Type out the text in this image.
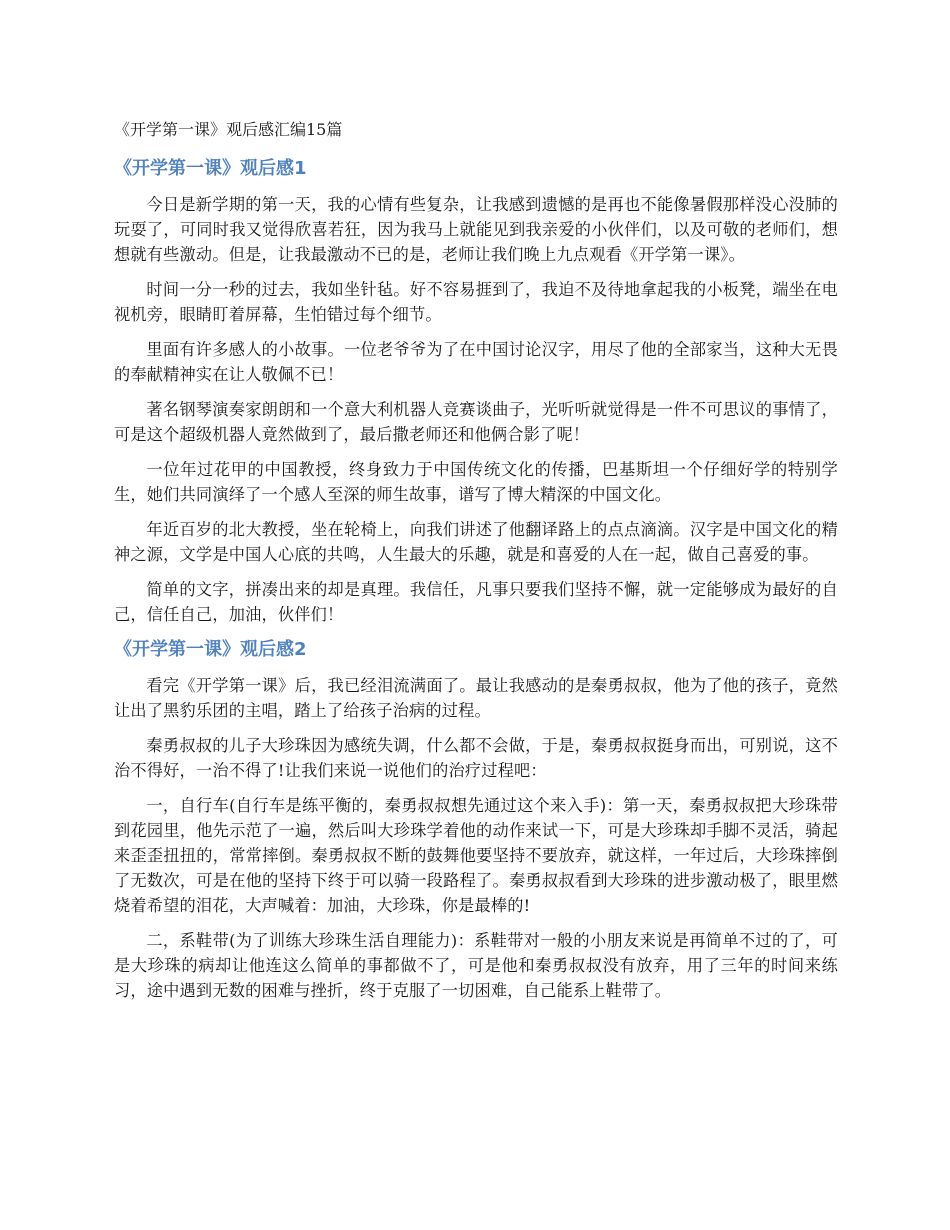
《开学第一课》观后感汇编15篇
《开学第一课》观后感1

今日是新学期的第一天，我的心情有些复杂，让我感到遗憾的是再也不能像暑假那样没心没肺的玩耍了，可同时我又觉得欣喜若狂，因为我马上就能见到我亲爱的小伙伴们，以及可敬的老师们，想想就有些激动。但是，让我最激动不已的是，老师让我们晚上九点观看《开学第一课》。

时间一分一秒的过去，我如坐针毡。好不容易捱到了，我迫不及待地拿起我的小板凳，端坐在电视机旁，眼睛盯着屏幕，生怕错过每个细节。

里面有许多感人的小故事。一位老爷爷为了在中国讨论汉字，用尽了他的全部家当，这种大无畏的奉献精神实在让人敬佩不已！

著名钢琴演奏家朗朗和一个意大利机器人竞赛谈曲子，光听听就觉得是一件不可思议的事情了，可是这个超级机器人竟然做到了，最后撒老师还和他俩合影了呢！

一位年过花甲的中国教授，终身致力于中国传统文化的传播，巴基斯坦一个仔细好学的特别学生，她们共同演绎了一个感人至深的师生故事，谱写了博大精深的中国文化。

年近百岁的北大教授，坐在轮椅上，向我们讲述了他翻译路上的点点滴滴。汉字是中国文化的精神之源，文学是中国人心底的共鸣，人生最大的乐趣，就是和喜爱的人在一起，做自己喜爱的事。

简单的文字，拼凑出来的却是真理。我信任，凡事只要我们坚持不懈，就一定能够成为最好的自己，信任自己，加油，伙伴们！

《开学第一课》观后感2

看完《开学第一课》后，我已经泪流满面了。最让我感动的是秦勇叔叔，他为了他的孩子，竟然让出了黑豹乐团的主唱，踏上了给孩子治病的过程。

秦勇叔叔的儿子大珍珠因为感统失调，什么都不会做，于是，秦勇叔叔挺身而出，可别说，这不治不得好，一治不得了!让我们来说一说他们的治疗过程吧：

一，自行车(自行车是练平衡的，秦勇叔叔想先通过这个来入手)：第一天，秦勇叔叔把大珍珠带到花园里，他先示范了一遍，然后叫大珍珠学着他的动作来试一下，可是大珍珠却手脚不灵活，骑起来歪歪扭扭的，常常摔倒。秦勇叔叔不断的鼓舞他要坚持不要放弃，就这样，一年过后，大珍珠摔倒了无数次，可是在他的坚持下终于可以骑一段路程了。秦勇叔叔看到大珍珠的进步激动极了，眼里燃烧着希望的泪花，大声喊着：加油，大珍珠，你是最棒的!

二，系鞋带(为了训练大珍珠生活自理能力)：系鞋带对一般的小朋友来说是再简单不过的了，可是大珍珠的病却让他连这么简单的事都做不了，可是他和秦勇叔叔没有放弃，用了三年的时间来练习，途中遇到无数的困难与挫折，终于克服了一切困难，自己能系上鞋带了。
